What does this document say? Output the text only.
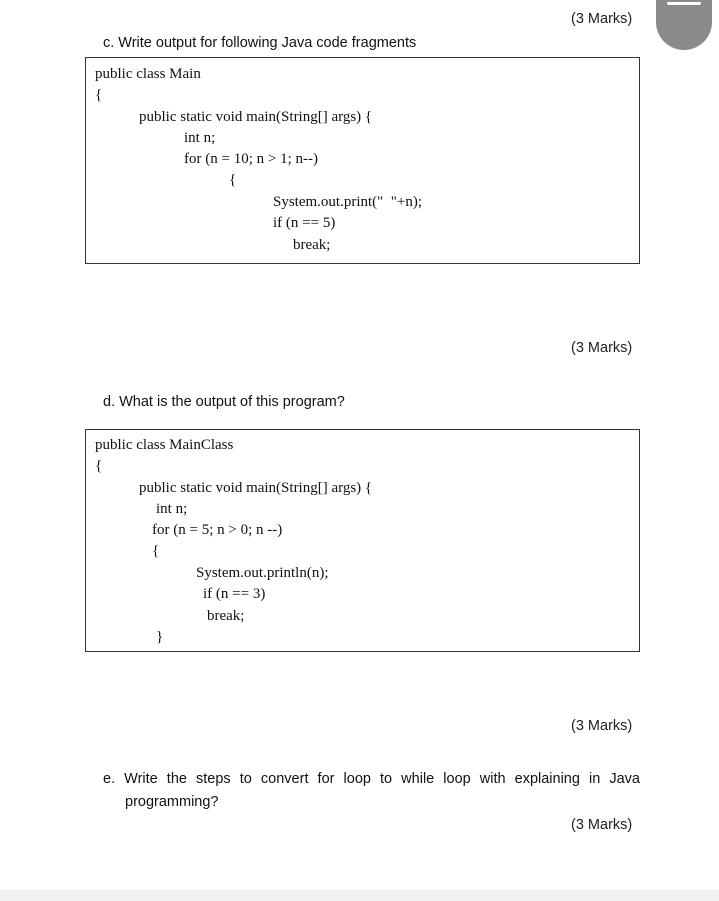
(3 Marks)
c. Write output for following Java code fragments
public class Main
{
public static void main(String[] args) {
int n;
for (n = 10; n > 1; n--)
{
System.out.print("  "+n);
if (n == 5)
break;
(3 Marks)
d. What is the output of this program?
public class MainClass
{
public static void main(String[] args) {
int n;
for (n = 5; n > 0; n --)
{
System.out.println(n);
if (n == 3)
break;
}
(3 Marks)
e. Write the steps to convert for loop to while loop with explaining in Java
programming?
(3 Marks)
